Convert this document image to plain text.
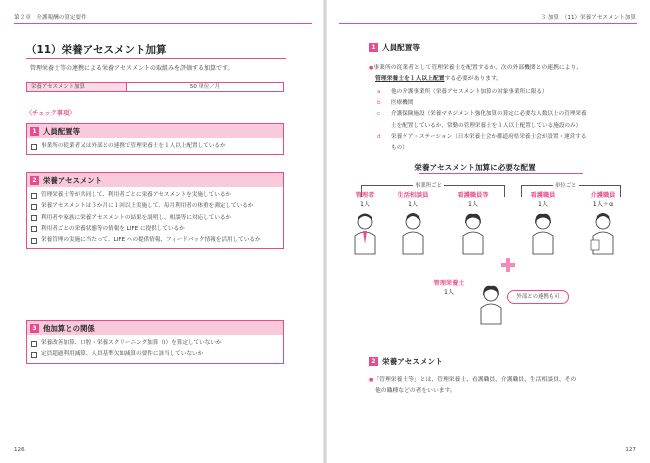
第２章　介護報酬の算定要件
（11）栄養アセスメント加算
管理栄養士等の連携による栄養アセスメントの取組みを評価する加算です。
栄養アセスメント加算	50 単位／月
〈チェック事項〉
1 人員配置等
事業所の従業者又は外部との連携で管理栄養士を１人以上配置しているか
2 栄養アセスメント
管理栄養士等が共同して、利用者ごとに栄養アセスメントを実施しているか
栄養アセスメントは３か月に１回以上実施して、毎月利用者の体重を測定しているか
利用者や家族に栄養アセスメントの結果を説明し、相談等に対応しているか
利用者ごとの栄養状態等の情報を LIFE に提供しているか
栄養管理の実施に当たって、LIFE への提供情報、フィードバック情報を活用しているか
3 他加算との関係
栄養改善加算、口腔・栄養スクリーニング加算（Ⅰ）を算定していないか
定員超過利用減算、人員基準欠如減算の要件に該当していないか
126
３ 加算　（11）栄養アセスメント加算
1 人員配置等
●事業所の従業者として管理栄養士を配置するか、次の外部機関との連携により、
管理栄養士を１人以上配置する必要があります。
a	他の介護事業所（栄養アセスメント加算の対象事業所に限る）
b	医療機関
c	介護保険施設（栄養マネジメント強化加算の算定に必要な人数以上の管理栄養
士を配置しているか、常勤の管理栄養士を１人以上配置している施設のみ）
d	栄養ケア・ステーション（日本栄養士会か都道府県栄養士会が設置・運営する
もの）
栄養アセスメント加算に必要な配置
事業所ごと	単位ごと
管理者
1人
生活相談員
1人
看護職員等
1人
看護職員
1人
介護職員
1人＋α
管理栄養士
1人
外部との連携も可
2 栄養アセスメント
●「管理栄養士等」とは、管理栄養士、看護職員、介護職員、生活相談員、その
他の職種などの者をいいます。
127
